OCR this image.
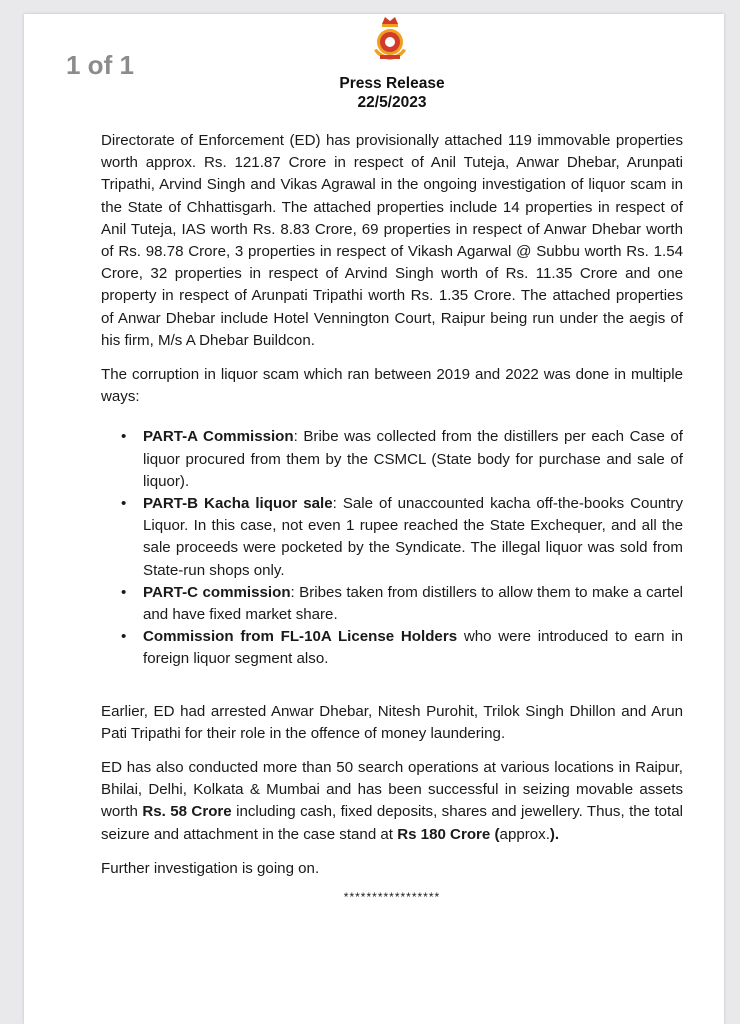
1 of 1
Press Release
22/5/2023

Directorate of Enforcement (ED) has provisionally attached 119 immovable properties worth approx. Rs. 121.87 Crore in respect of Anil Tuteja, Anwar Dhebar, Arunpati Tripathi, Arvind Singh and Vikas Agrawal in the ongoing investigation of liquor scam in the State of Chhattisgarh. The attached properties include 14 properties in respect of Anil Tuteja, IAS worth Rs. 8.83 Crore, 69 properties in respect of Anwar Dhebar worth of Rs. 98.78 Crore, 3 properties in respect of Vikash Agarwal @ Subbu worth Rs. 1.54 Crore, 32 properties in respect of Arvind Singh worth of Rs. 11.35 Crore and one property in respect of Arunpati Tripathi worth Rs. 1.35 Crore. The attached properties of Anwar Dhebar include Hotel Vennington Court, Raipur being run under the aegis of his firm, M/s A Dhebar Buildcon.

The corruption in liquor scam which ran between 2019 and 2022 was done in multiple ways:

• PART-A Commission: Bribe was collected from the distillers per each Case of liquor procured from them by the CSMCL (State body for purchase and sale of liquor).
• PART-B Kacha liquor sale: Sale of unaccounted kacha off-the-books Country Liquor. In this case, not even 1 rupee reached the State Exchequer, and all the sale proceeds were pocketed by the Syndicate. The illegal liquor was sold from State-run shops only.
• PART-C commission: Bribes taken from distillers to allow them to make a cartel and have fixed market share.
• Commission from FL-10A License Holders who were introduced to earn in foreign liquor segment also.

Earlier, ED had arrested Anwar Dhebar, Nitesh Purohit, Trilok Singh Dhillon and Arun Pati Tripathi for their role in the offence of money laundering.

ED has also conducted more than 50 search operations at various locations in Raipur, Bhilai, Delhi, Kolkata & Mumbai and has been successful in seizing movable assets worth Rs. 58 Crore including cash, fixed deposits, shares and jewellery. Thus, the total seizure and attachment in the case stand at Rs 180 Crore (approx.).

Further investigation is going on.

*****************
